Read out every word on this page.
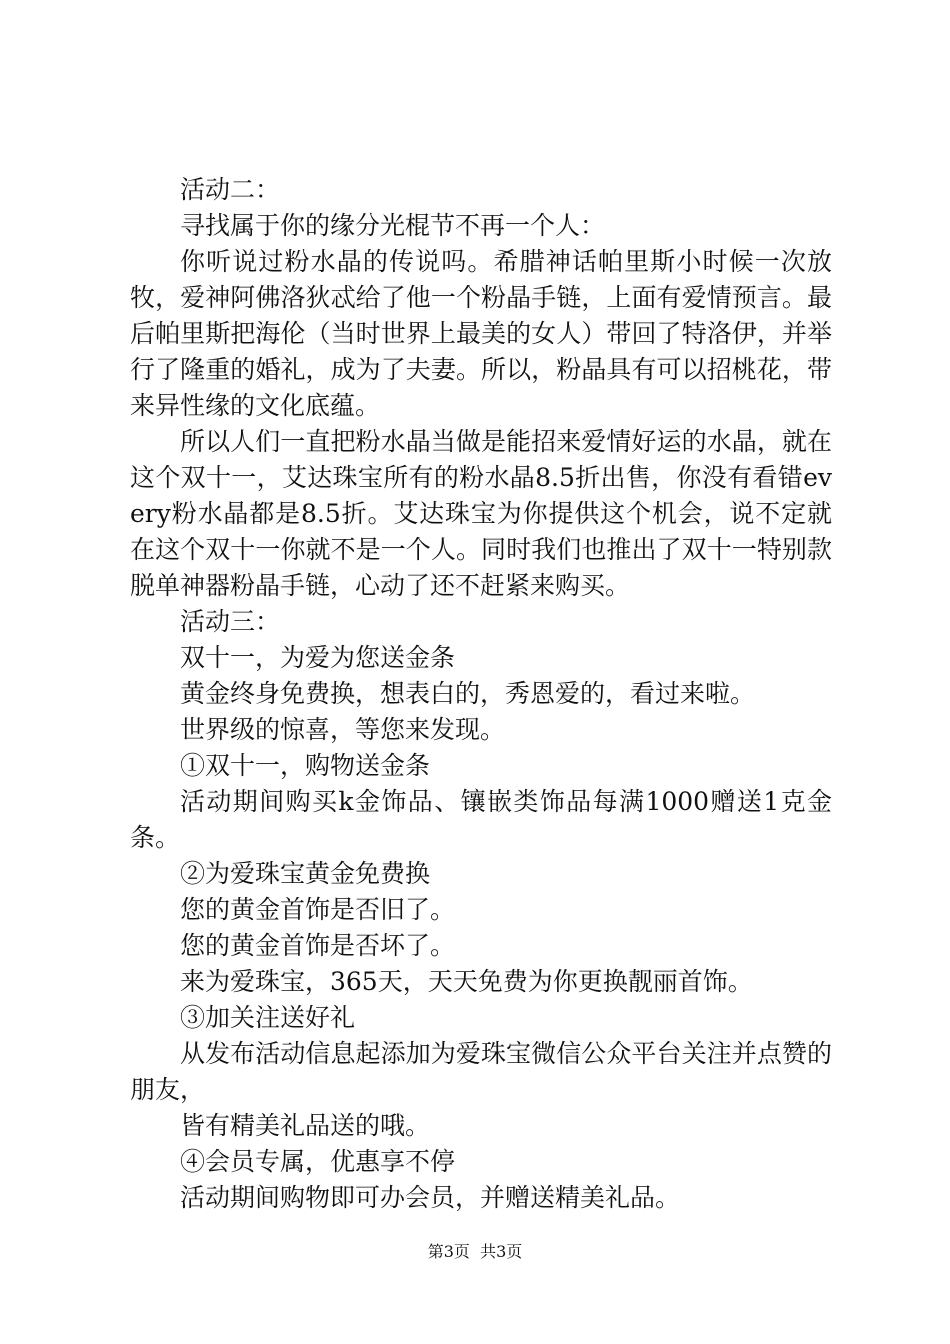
活动二：

寻找属于你的缘分光棍节不再一个人：

你听说过粉水晶的传说吗。希腊神话帕里斯小时候一次放牧，爱神阿佛洛狄忒给了他一个粉晶手链，上面有爱情预言。最后帕里斯把海伦（当时世界上最美的女人）带回了特洛伊，并举行了隆重的婚礼，成为了夫妻。所以，粉晶具有可以招桃花，带来异性缘的文化底蕴。

所以人们一直把粉水晶当做是能招来爱情好运的水晶，就在这个双十一，艾达珠宝所有的粉水晶8.5折出售，你没有看错every粉水晶都是8.5折。艾达珠宝为你提供这个机会，说不定就在这个双十一你就不是一个人。同时我们也推出了双十一特别款脱单神器粉晶手链，心动了还不赶紧来购买。

活动三：

双十一，为爱为您送金条

黄金终身免费换，想表白的，秀恩爱的，看过来啦。

世界级的惊喜，等您来发现。

①双十一，购物送金条

活动期间购买k金饰品、镶嵌类饰品每满1000赠送1克金条。

②为爱珠宝黄金免费换

您的黄金首饰是否旧了。

您的黄金首饰是否坏了。

来为爱珠宝，365天，天天免费为你更换靓丽首饰。

③加关注送好礼

从发布活动信息起添加为爱珠宝微信公众平台关注并点赞的朋友，

皆有精美礼品送的哦。

④会员专属，优惠享不停

活动期间购物即可办会员，并赠送精美礼品。

第3页  共3页
